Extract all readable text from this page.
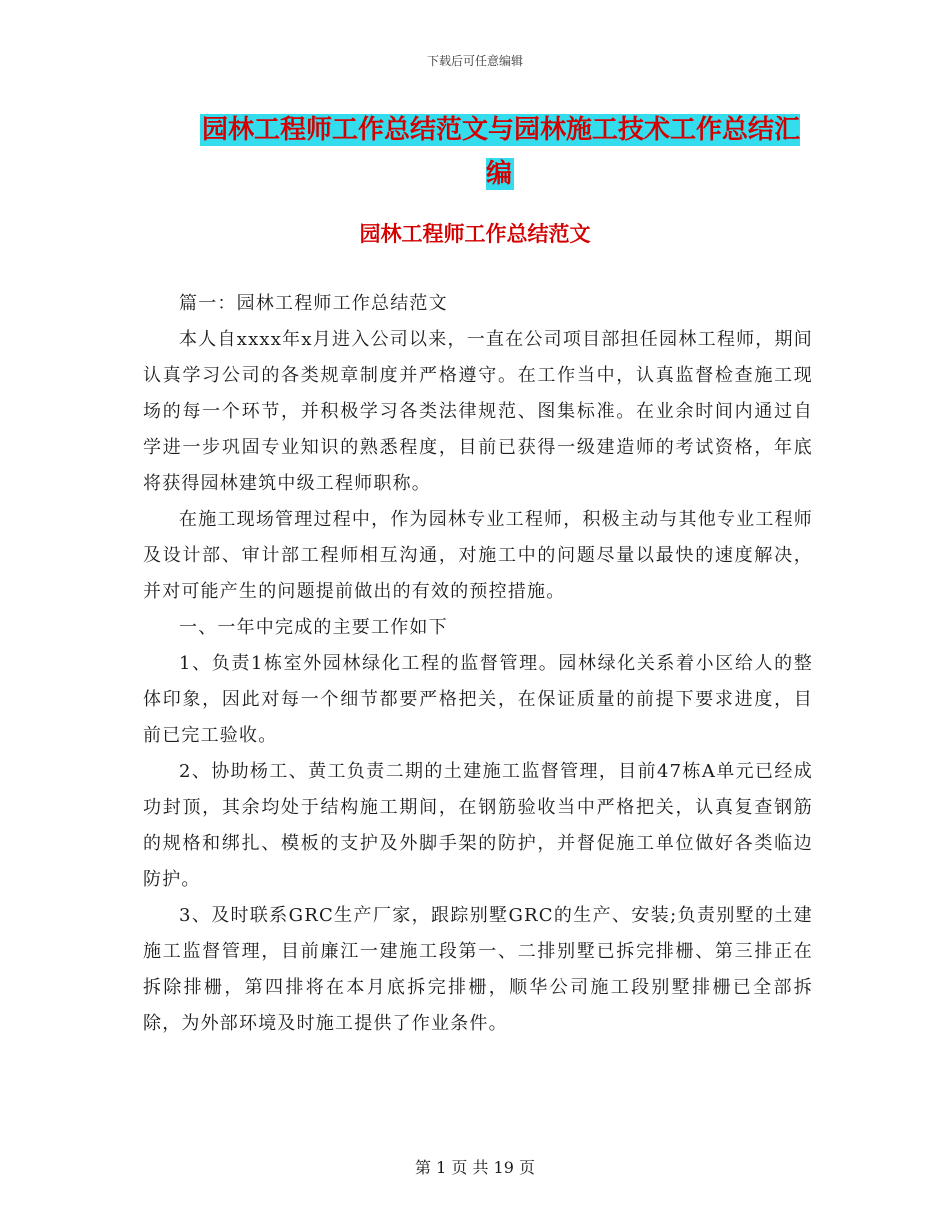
下载后可任意编辑
园林工程师工作总结范文与园林施工技术工作总结汇编
园林工程师工作总结范文

篇一：园林工程师工作总结范文

本人自xxxx年x月进入公司以来，一直在公司项目部担任园林工程师，期间认真学习公司的各类规章制度并严格遵守。在工作当中，认真监督检查施工现场的每一个环节，并积极学习各类法律规范、图集标准。在业余时间内通过自学进一步巩固专业知识的熟悉程度，目前已获得一级建造师的考试资格，年底将获得园林建筑中级工程师职称。

在施工现场管理过程中，作为园林专业工程师，积极主动与其他专业工程师及设计部、审计部工程师相互沟通，对施工中的问题尽量以最快的速度解决，并对可能产生的问题提前做出的有效的预控措施。

一、一年中完成的主要工作如下

1、负责1栋室外园林绿化工程的监督管理。园林绿化关系着小区给人的整体印象，因此对每一个细节都要严格把关，在保证质量的前提下要求进度，目前已完工验收。

2、协助杨工、黄工负责二期的土建施工监督管理，目前47栋A单元已经成功封顶，其余均处于结构施工期间，在钢筋验收当中严格把关，认真复查钢筋的规格和绑扎、模板的支护及外脚手架的防护，并督促施工单位做好各类临边防护。

3、及时联系GRC生产厂家，跟踪别墅GRC的生产、安装;负责别墅的土建施工监督管理，目前廉江一建施工段第一、二排别墅已拆完排栅、第三排正在拆除排栅，第四排将在本月底拆完排栅，顺华公司施工段别墅排栅已全部拆除，为外部环境及时施工提供了作业条件。

第 1 页 共 19 页
